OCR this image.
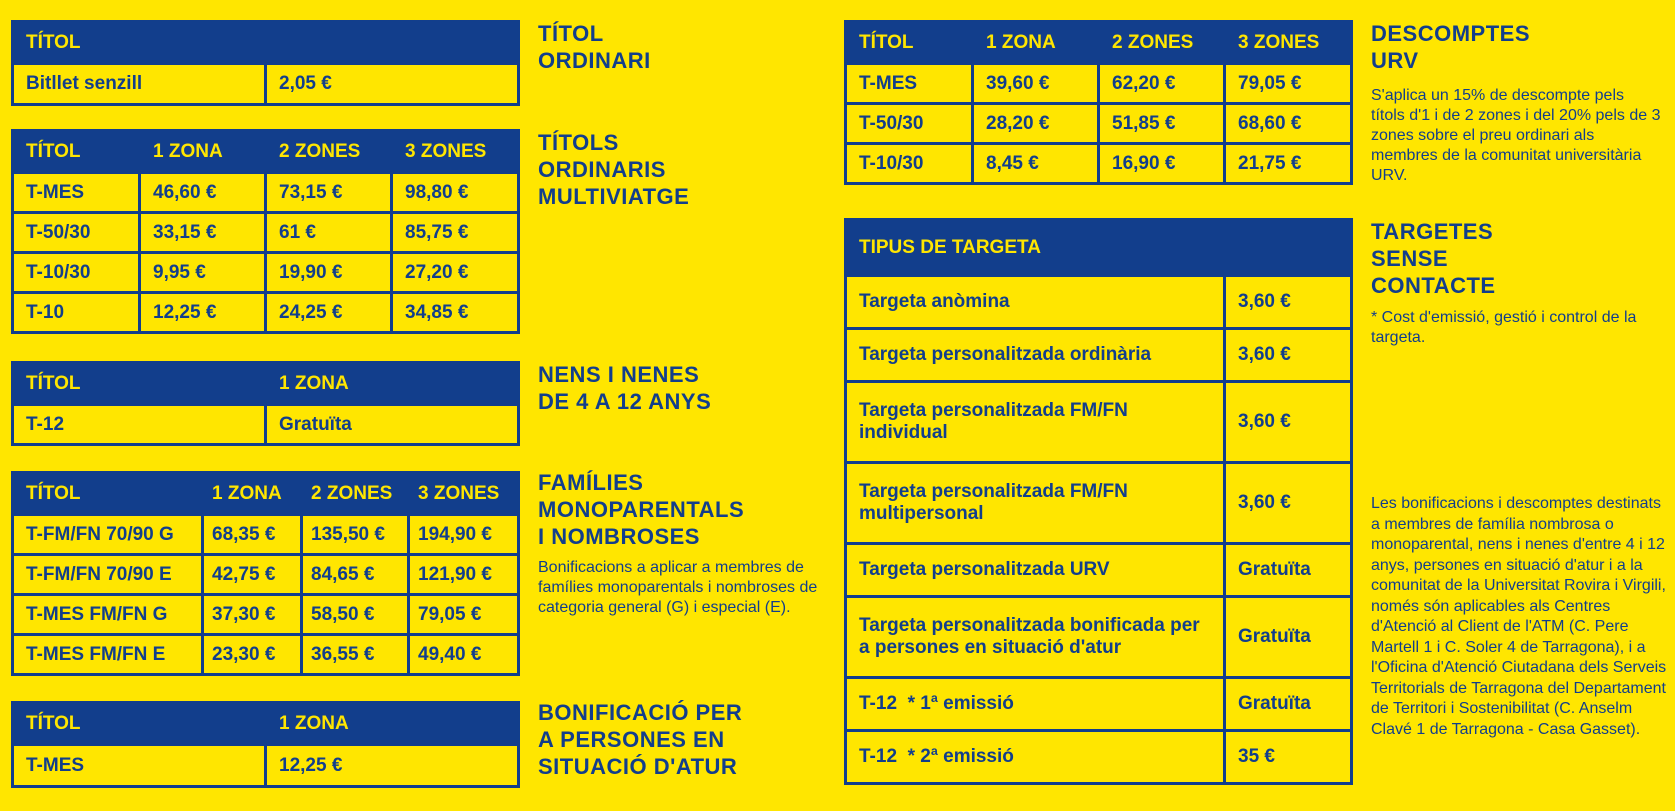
TÍTOL
Bitllet senzill	2,05 €
TÍTOL
ORDINARI
TÍTOL	1 ZONA	2 ZONES	3 ZONES
T-MES	46,60 €	73,15 €	98,80 €
T-50/30	33,15 €	61 €	85,75 €
T-10/30	9,95 €	19,90 €	27,20 €
T-10	12,25 €	24,25 €	34,85 €
TÍTOLS
ORDINARIS
MULTIVIATGE
TÍTOL	1 ZONA
T-12	Gratuïta
NENS I NENES
DE 4 A 12 ANYS
TÍTOL	1 ZONA	2 ZONES	3 ZONES
T-FM/FN 70/90 G	68,35 €	135,50 €	194,90 €
T-FM/FN 70/90 E	42,75 €	84,65 €	121,90 €
T-MES FM/FN G	37,30 €	58,50 €	79,05 €
T-MES FM/FN E	23,30 €	36,55 €	49,40 €
FAMÍLIES
MONOPARENTALS
I NOMBROSES
Bonificacions a aplicar a membres de famílies monoparentals i nombroses de categoria general (G) i especial (E).
TÍTOL	1 ZONA
T-MES	12,25 €
BONIFICACIÓ PER
A PERSONES EN
SITUACIÓ D'ATUR
TÍTOL	1 ZONA	2 ZONES	3 ZONES
T-MES	39,60 €	62,20 €	79,05 €
T-50/30	28,20 €	51,85 €	68,60 €
T-10/30	8,45 €	16,90 €	21,75 €
DESCOMPTES
URV
S'aplica un 15% de descompte pels títols d'1 i de 2 zones i del 20% pels de 3 zones sobre el preu ordinari als membres de la comunitat universitària URV.
TIPUS DE TARGETA	
Targeta anòmina	3,60 €
Targeta personalitzada ordinària	3,60 €
Targeta personalitzada FM/FN individual	3,60 €
Targeta personalitzada FM/FN multipersonal	3,60 €
Targeta personalitzada URV	Gratuïta
Targeta personalitzada bonificada per a persones en situació d'atur	Gratuïta
T-12  * 1ª emissió	Gratuïta
T-12  * 2ª emissió	35 €
TARGETES
SENSE
CONTACTE
* Cost d'emissió, gestió i control de la targeta.
Les bonificacions i descomptes destinats a membres de família nombrosa o monoparental, nens i nenes d'entre 4 i 12 anys, persones en situació d'atur i a la comunitat de la Universitat Rovira i Virgili, només són aplicables als Centres d'Atenció al Client de l'ATM (C. Pere Martell 1 i C. Soler 4 de Tarragona), i a l'Oficina d'Atenció Ciutadana dels Serveis Territorials de Tarragona del Departament de Territori i Sostenibilitat (C. Anselm Clavé 1 de Tarragona - Casa Gasset).
